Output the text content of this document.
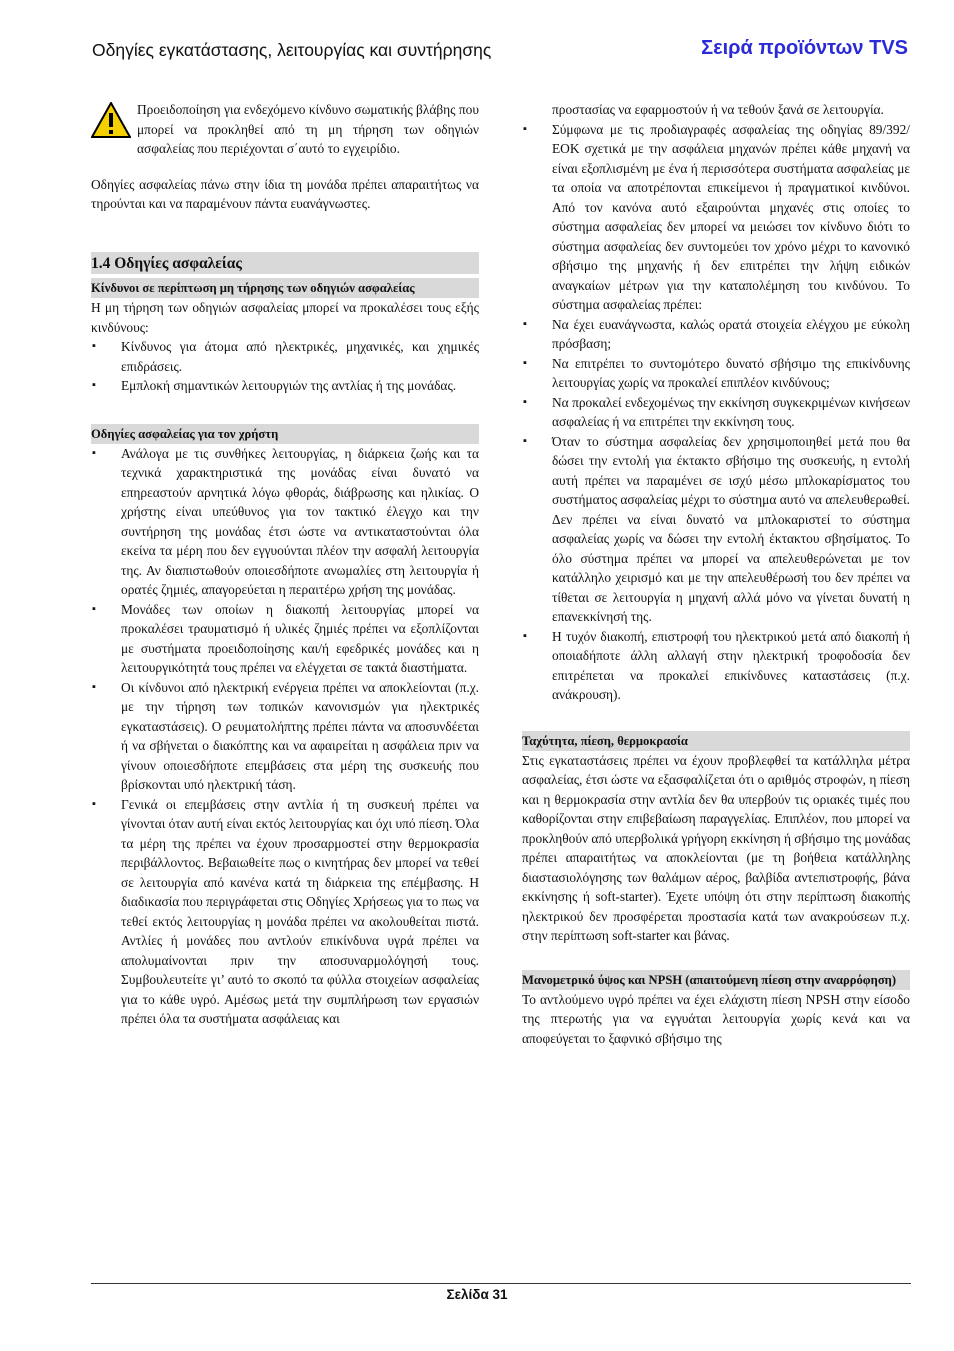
Οδηγίες εγκατάστασης, λειτουργίας και συντήρησης	Σειρά προϊόντων TVS

Προειδοποίηση για ενδεχόμενο κίνδυνο σωματικής βλάβης που μπορεί να προκληθεί από τη μη τήρηση των οδηγιών ασφαλείας που περιέχονται σ΄αυτό το εγχειρίδιο.

Οδηγίες ασφαλείας πάνω στην ίδια τη μονάδα πρέπει απαραιτήτως να τηρούνται και να παραμένουν πάντα ευανάγνωστες.

1.4 Οδηγίες ασφαλείας
Κίνδυνοι σε περίπτωση μη τήρησης των οδηγιών ασφαλείας

Η μη τήρηση των οδηγιών ασφαλείας μπορεί να προκαλέσει τους εξής κινδύνους:

▪ Κίνδυνος για άτομα από ηλεκτρικές, μηχανικές, και χημικές επιδράσεις.
▪ Εμπλοκή σημαντικών λειτουργιών της αντλίας ή της μονάδας.
Οδηγίες ασφαλείας για τον χρήστη
▪ Ανάλογα με τις συνθήκες λειτουργίας, η διάρκεια ζωής και τα τεχνικά χαρακτηριστικά της μονάδας είναι δυνατό να επηρεαστούν αρνητικά λόγω φθοράς, διάβρωσης και ηλικίας. Ο χρήστης είναι υπεύθυνος για τον τακτικό έλεγχο και την συντήρηση της μονάδας έτσι ώστε να αντικαταστούνται όλα εκείνα τα μέρη που δεν εγγυούνται πλέον την ασφαλή λειτουργία της. Αν διαπιστωθούν οποιεσδήποτε ανωμαλίες στη λειτουργία ή ορατές ζημιές, απαγορεύεται η περαιτέρω χρήση της μονάδας.
▪ Μονάδες των οποίων η διακοπή λειτουργίας μπορεί να προκαλέσει τραυματισμό ή υλικές ζημιές πρέπει να εξοπλίζονται με συστήματα προειδοποίησης και/ή εφεδρικές μονάδες και η λειτουργικότητά τους πρέπει να ελέγχεται σε τακτά διαστήματα.
▪ Οι κίνδυνοι από ηλεκτρική ενέργεια πρέπει να αποκλείονται (π.χ. με την τήρηση των τοπικών κανονισμών για ηλεκτρικές εγκαταστάσεις). Ο ρευματολήπτης πρέπει πάντα να αποσυνδέεται ή να σβήνεται ο διακόπτης και να αφαιρείται η ασφάλεια πριν να γίνουν οποιεσδήποτε επεμβάσεις στα μέρη της συσκευής που βρίσκονται υπό ηλεκτρική τάση.
▪ Γενικά οι επεμβάσεις στην αντλία ή τη συσκευή πρέπει να γίνονται όταν αυτή είναι εκτός λειτουργίας και όχι υπό πίεση. Όλα τα μέρη της πρέπει να έχουν προσαρμοστεί στην θερμοκρασία περιβάλλοντος. Βεβαιωθείτε πως ο κινητήρας δεν μπορεί να τεθεί σε λειτουργία από κανένα κατά τη διάρκεια της επέμβασης. Η διαδικασία που περιγράφεται στις Οδηγίες Χρήσεως για το πως να τεθεί εκτός λειτουργίας η μονάδα πρέπει να ακολουθείται πιστά. Αντλίες ή μονάδες που αντλούν επικίνδυνα υγρά πρέπει να απολυμαίνονται πριν την αποσυναρμολόγησή τους. Συμβουλευτείτε γι’ αυτό το σκοπό τα φύλλα στοιχείων ασφαλείας για το κάθε υγρό. Αμέσως μετά την συμπλήρωση των εργασιών πρέπει όλα τα συστήματα ασφάλειας και

προστασίας να εφαρμοστούν ή να τεθούν ξανά σε λειτουργία.

▪ Σύμφωνα με τις προδιαγραφές ασφαλείας της οδηγίας 89/392/ΕΟΚ σχετικά με την ασφάλεια μηχανών πρέπει κάθε μηχανή να είναι εξοπλισμένη με ένα ή περισσότερα συστήματα ασφαλείας με τα οποία να αποτρέπονται επικείμενοι ή πραγματικοί κινδύνοι. Από τον κανόνα αυτό εξαιρούνται μηχανές στις οποίες το σύστημα ασφαλείας δεν μπορεί να μειώσει τον κίνδυνο διότι το σύστημα ασφαλείας δεν συντομεύει τον χρόνο μέχρι το κανονικό σβήσιμο της μηχανής ή δεν επιτρέπει την λήψη ειδικών αναγκαίων μέτρων για την καταπολέμηση του κινδύνου. Το σύστημα ασφαλείας πρέπει:
▪ Να έχει ευανάγνωστα, καλώς ορατά στοιχεία ελέγχου με εύκολη πρόσβαση;
▪ Να επιτρέπει το συντομότερο δυνατό σβήσιμο της επικίνδυνης λειτουργίας χωρίς να προκαλεί επιπλέον κινδύνους;
▪ Να προκαλεί ενδεχομένως την εκκίνηση συγκεκριμένων κινήσεων ασφαλείας ή να επιτρέπει την εκκίνηση τους.
▪ Όταν το σύστημα ασφαλείας δεν χρησιμοποιηθεί μετά που θα δώσει την εντολή για έκτακτο σβήσιμο της συσκευής, η εντολή αυτή πρέπει να παραμένει σε ισχύ μέσω μπλοκαρίσματος του συστήματος ασφαλείας μέχρι το σύστημα αυτό να απελευθερωθεί. Δεν πρέπει να είναι δυνατό να μπλοκαριστεί το σύστημα ασφαλείας χωρίς να δώσει την εντολή έκτακτου σβησίματος. Το όλο σύστημα πρέπει να μπορεί να απελευθερώνεται με τον κατάλληλο χειρισμό και με την απελευθέρωσή του δεν πρέπει να τίθεται σε λειτουργία η μηχανή αλλά μόνο να γίνεται δυνατή η επανεκκίνησή της.
▪ Η τυχόν διακοπή, επιστροφή του ηλεκτρικού μετά από διακοπή ή οποιαδήποτε άλλη αλλαγή στην ηλεκτρική τροφοδοσία δεν επιτρέπεται να προκαλεί επικίνδυνες καταστάσεις (π.χ. ανάκρουση).
Ταχύτητα, πίεση, θερμοκρασία

Στις εγκαταστάσεις πρέπει να έχουν προβλεφθεί τα κατάλληλα μέτρα ασφαλείας, έτσι ώστε να εξασφαλίζεται ότι ο αριθμός στροφών, η πίεση και η θερμοκρασία στην αντλία δεν θα υπερβούν τις οριακές τιμές που καθορίζονται στην επιβεβαίωση παραγγελίας. Επιπλέον, που μπορεί να προκληθούν από υπερβολικά γρήγορη εκκίνηση ή σβήσιμο της μονάδας πρέπει απαραιτήτως να αποκλείονται (με τη βοήθεια κατάλληλης διαστασιολόγησης των θαλάμων αέρος, βαλβίδα αντεπιστροφής, βάνα εκκίνησης ή soft-starter). Έχετε υπόψη ότι στην περίπτωση διακοπής ηλεκτρικού δεν προσφέρεται προστασία κατά των ανακρούσεων π.χ. στην περίπτωση soft-starter και βάνας.

Μανομετρικό ύψος και NPSH (απαιτούμενη πίεση στην αναρρόφηση)

Το αντλούμενο υγρό πρέπει να έχει ελάχιστη πίεση NPSH στην είσοδο της πτερωτής για να εγγυάται λειτουργία χωρίς κενά και να αποφεύγεται το ξαφνικό σβήσιμο της

Σελίδα 31
